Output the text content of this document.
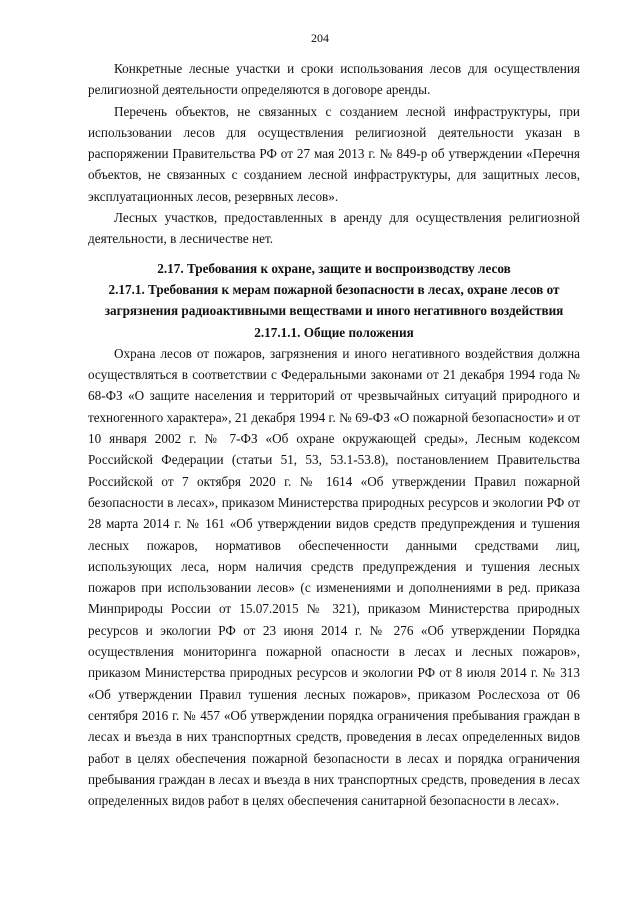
204

Конкретные лесные участки и сроки использования лесов для осуществления религиозной деятельности определяются в договоре аренды.

Перечень объектов, не связанных с созданием лесной инфраструктуры, при использовании лесов для осуществления религиозной деятельности указан в распоряжении Правительства РФ от 27 мая 2013 г. № 849-р об утверждении «Перечня объектов, не связанных с созданием лесной инфраструктуры, для защитных лесов, эксплуатационных лесов, резервных лесов».

Лесных участков, предоставленных в аренду для осуществления религиозной деятельности, в лесничестве нет.

2.17. Требования к охране, защите и воспроизводству лесов
2.17.1. Требования к мерам пожарной безопасности в лесах, охране лесов от загрязнения радиоактивными веществами и иного негативного воздействия
2.17.1.1. Общие положения

Охрана лесов от пожаров, загрязнения и иного негативного воздействия должна осуществляться в соответствии с Федеральными законами от 21 декабря 1994 года № 68-ФЗ «О защите населения и территорий от чрезвычайных ситуаций природного и техногенного характера», 21 декабря 1994 г. № 69-ФЗ «О пожарной безопасности» и от 10 января 2002 г. № 7-ФЗ «Об охране окружающей среды», Лесным кодексом Российской Федерации (статьи 51, 53, 53.1-53.8), постановлением Правительства Российской от 7 октября 2020 г. № 1614 «Об утверждении Правил пожарной безопасности в лесах», приказом Министерства природных ресурсов и экологии РФ от 28 марта 2014 г. № 161 «Об утверждении видов средств предупреждения и тушения лесных пожаров, нормативов обеспеченности данными средствами лиц, использующих леса, норм наличия средств предупреждения и тушения лесных пожаров при использовании лесов» (с изменениями и дополнениями в ред. приказа Минприроды России от 15.07.2015 № 321), приказом Министерства природных ресурсов и экологии РФ от 23 июня 2014 г. № 276 «Об утверждении Порядка осуществления мониторинга пожарной опасности в лесах и лесных пожаров», приказом Министерства природных ресурсов и экологии РФ от 8 июля 2014 г. № 313 «Об утверждении Правил тушения лесных пожаров», приказом Рослесхоза от 06 сентября 2016 г. № 457 «Об утверждении порядка ограничения пребывания граждан в лесах и въезда в них транспортных средств, проведения в лесах определенных видов работ в целях обеспечения пожарной безопасности в лесах и порядка ограничения пребывания граждан в лесах и въезда в них транспортных средств, проведения в лесах определенных видов работ в целях обеспечения санитарной безопасности в лесах».
